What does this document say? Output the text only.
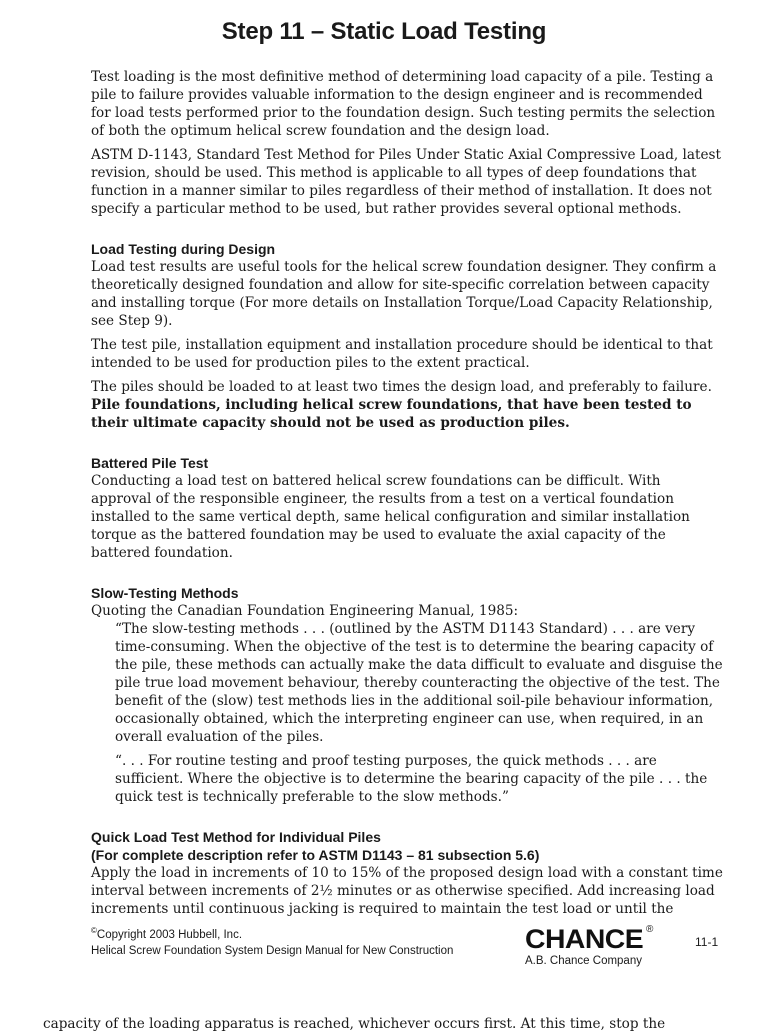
Step 11 – Static Load Testing

Test loading is the most definitive method of determining load capacity of a pile. Testing a pile to failure provides valuable information to the design engineer and is recommended for load tests performed prior to the foundation design. Such testing permits the selection of both the optimum helical screw foundation and the design load.

ASTM D-1143, Standard Test Method for Piles Under Static Axial Compressive Load, latest revision, should be used. This method is applicable to all types of deep foundations that function in a manner similar to piles regardless of their method of installation. It does not specify a particular method to be used, but rather provides several optional methods.

Load Testing during Design

Load test results are useful tools for the helical screw foundation designer. They confirm a theoretically designed foundation and allow for site-specific correlation between capacity and installing torque (For more details on Installation Torque/Load Capacity Relationship, see Step 9).

The test pile, installation equipment and installation procedure should be identical to that intended to be used for production piles to the extent practical.

The piles should be loaded to at least two times the design load, and preferably to failure. Pile foundations, including helical screw foundations, that have been tested to their ultimate capacity should not be used as production piles.

Battered Pile Test

Conducting a load test on battered helical screw foundations can be difficult. With approval of the responsible engineer, the results from a test on a vertical foundation installed to the same vertical depth, same helical configuration and similar installation torque as the battered foundation may be used to evaluate the axial capacity of the battered foundation.

Slow-Testing Methods

Quoting the Canadian Foundation Engineering Manual, 1985:

“The slow-testing methods . . . (outlined by the ASTM D1143 Standard) . . . are very time-consuming. When the objective of the test is to determine the bearing capacity of the pile, these methods can actually make the data difficult to evaluate and disguise the pile true load movement behaviour, thereby counteracting the objective of the test. The benefit of the (slow) test methods lies in the additional soil-pile behaviour information, occasionally obtained, which the interpreting engineer can use, when required, in an overall evaluation of the piles.

“. . . For routine testing and proof testing purposes, the quick methods . . . are sufficient. Where the objective is to determine the bearing capacity of the pile . . . the quick test is technically preferable to the slow methods.”

Quick Load Test Method for Individual Piles
(For complete description refer to ASTM D1143 – 81 subsection 5.6)

Apply the load in increments of 10 to 15% of the proposed design load with a constant time interval between increments of 2½ minutes or as otherwise specified. Add increasing load increments until continuous jacking is required to maintain the test load or until the

©Copyright 2003 Hubbell, Inc.
Helical Screw Foundation System Design Manual for New Construction	CHANCE ®
A.B. Chance Company
11-1
capacity of the loading apparatus is reached, whichever occurs first. At this time, stop the
